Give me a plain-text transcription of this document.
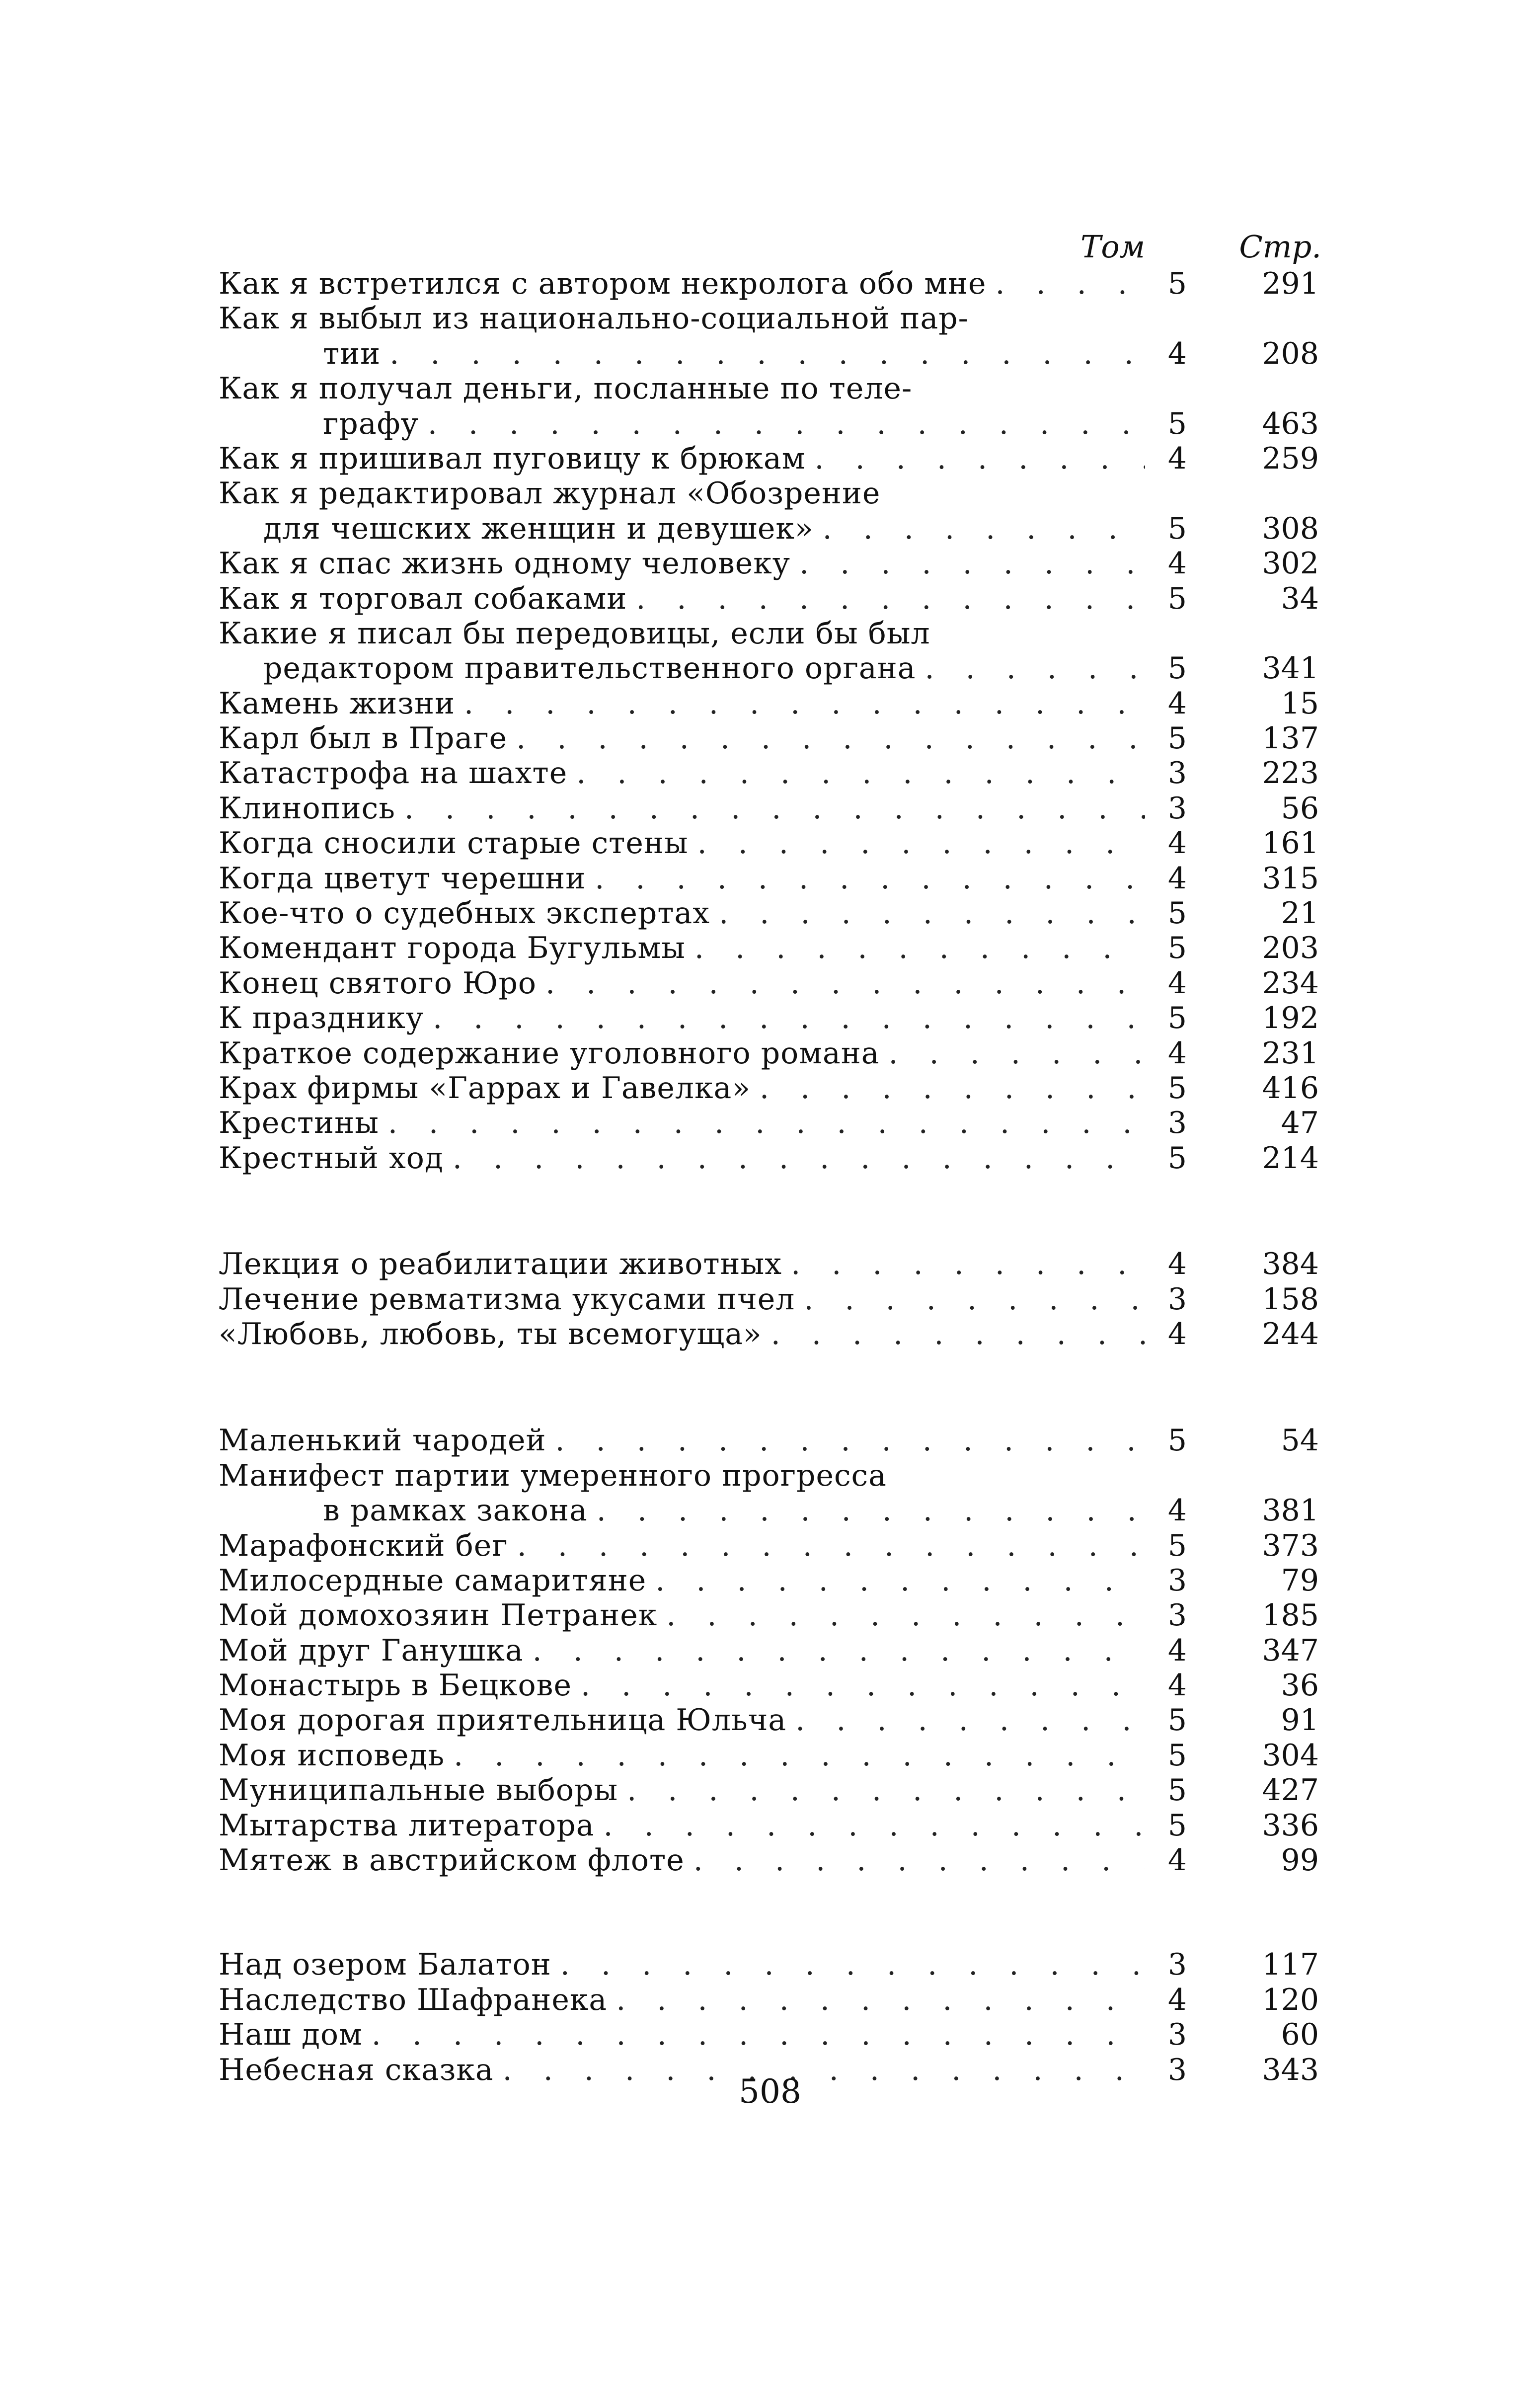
Том	Стр.
Как я встретился с автором некролога обо мне . . .	5	291
Как я выбыл из национально-социальной пар-
тии . . .	4	208
Как я получал деньги, посланные по теле-
графу . . .	5	463
Как я пришивал пуговицу к брюкам . . .	4	259
Как я редактировал журнал «Обозрение
для чешских женщин и девушек» . . .	5	308
Как я спас жизнь одному человеку . . .	4	302
Как я торговал собаками . . .	5	34
Какие я писал бы передовицы, если бы был
редактором правительственного органа . . .	5	341
Камень жизни . . .	4	15
Карл был в Праге . . .	5	137
Катастрофа на шахте . . .	3	223
Клинопись . . .	3	56
Когда сносили старые стены . . .	4	161
Когда цветут черешни . . .	4	315
Кое-что о судебных экспертах . . .	5	21
Комендант города Бугульмы . . .	5	203
Конец святого Юро . . .	4	234
К празднику . . .	5	192
Краткое содержание уголовного романа . . .	4	231
Крах фирмы «Гаррах и Гавелка» . . .	5	416
Крестины . . .	3	47
Крестный ход . . .	5	214
Лекция о реабилитации животных . . .	4	384
Лечение ревматизма укусами пчел . . .	3	158
«Любовь, любовь, ты всемогуща» . . .	4	244
Маленький чародей . . .	5	54
Манифест партии умеренного прогресса
в рамках закона . . .	4	381
Марафонский бег . . .	5	373
Милосердные самаритяне . . .	3	79
Мой домохозяин Петранек . . .	3	185
Мой друг Ганушка . . .	4	347
Монастырь в Бецкове . . .	4	36
Моя дорогая приятельница Юльча . . .	5	91
Моя исповедь . . .	5	304
Муниципальные выборы . . .	5	427
Мытарства литератора . . .	5	336
Мятеж в австрийском флоте . . .	4	99
Над озером Балатон . . .	3	117
Наследство Шафранека . . .	4	120
Наш дом . . .	3	60
Небесная сказка . . .	3	343
508
